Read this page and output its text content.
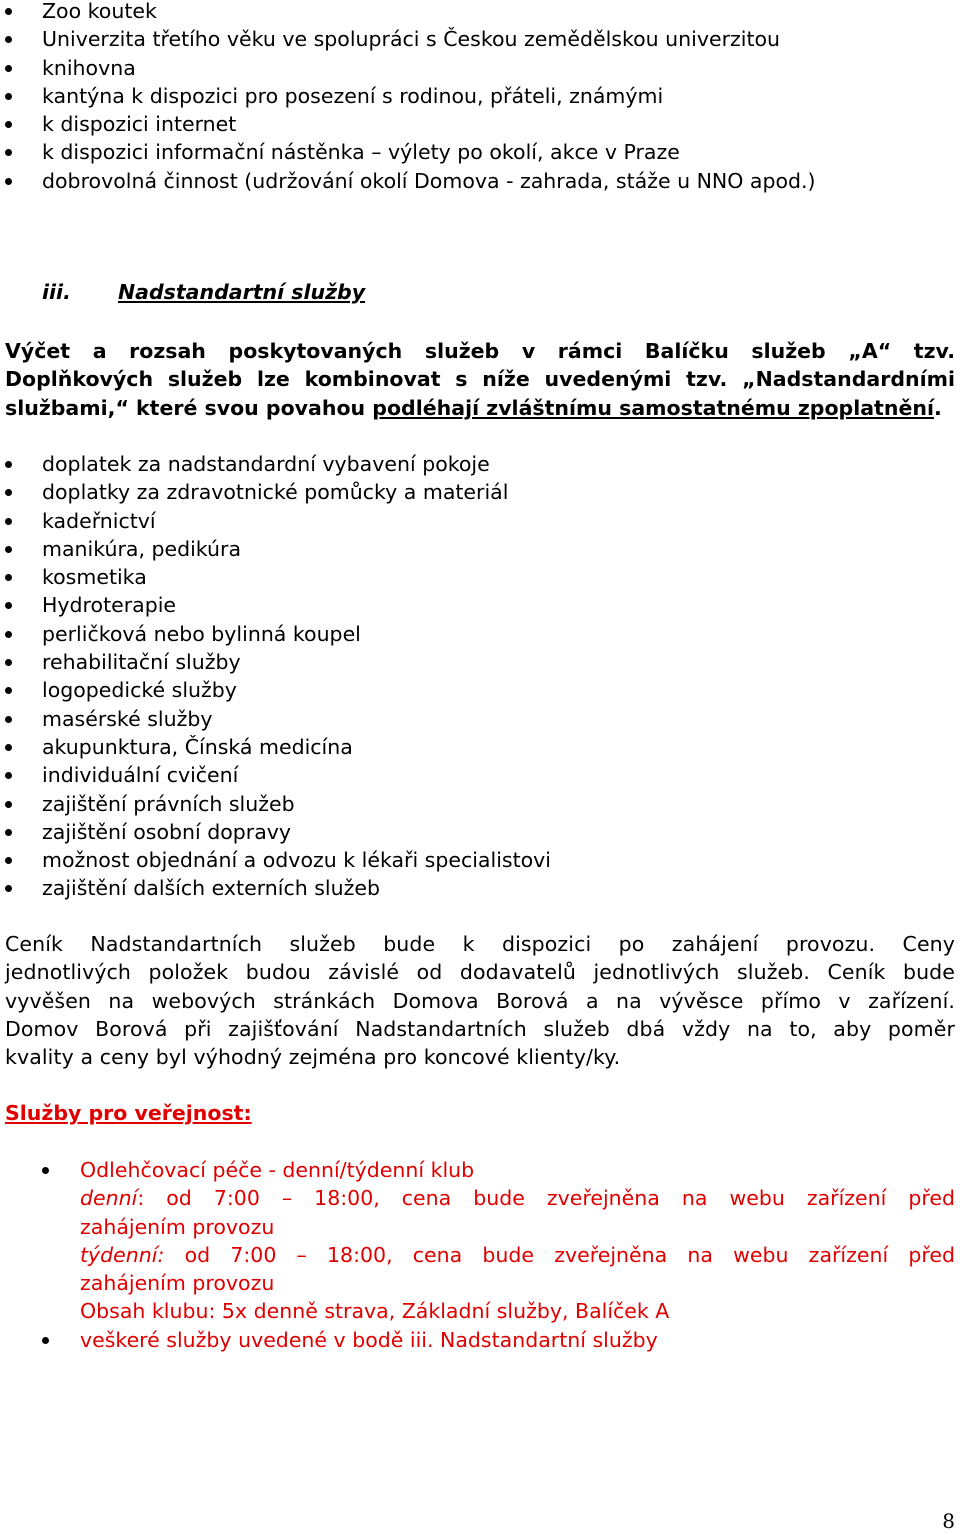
Zoo koutek
Univerzita třetího věku ve spolupráci s Českou zemědělskou univerzitou
knihovna
kantýna k dispozici pro posezení s rodinou, přáteli, známými
k dispozici internet
k dispozici informační nástěnka – výlety po okolí, akce v Praze
dobrovolná činnost (udržování okolí Domova - zahrada, stáže u NNO apod.)
iii. Nadstandartní služby
Výčet a rozsah poskytovaných služeb v rámci Balíčku služeb „A“ tzv. Doplňkových služeb lze kombinovat s níže uvedenými tzv. „Nadstandardními službami,“ které svou povahou podléhají zvláštnímu samostatnému zpoplatnění.
doplatek za nadstandardní vybavení pokoje
doplatky za zdravotnické pomůcky a materiál
kadeřnictví
manikúra, pedikúra
kosmetika
Hydroterapie
perličková nebo bylinná koupel
rehabilitační služby
logopedické služby
masérské služby
akupunktura, Čínská medicína
individuální cvičení
zajištění právních služeb
zajištění osobní dopravy
možnost objednání a odvozu k lékaři specialistovi
zajištění dalších externích služeb
Ceník Nadstandartních služeb bude k dispozici po zahájení provozu. Ceny
jednotlivých položek budou závislé od dodavatelů jednotlivých služeb. Ceník bude
vyvěšen na webových stránkách Domova Borová a na vývěsce přímo v zařízení.
Domov Borová při zajišťování Nadstandartních služeb dbá vždy na to, aby poměr
kvality a ceny byl výhodný zejména pro koncové klienty/ky.
Služby pro veřejnost:
Odlehčovací péče - denní/týdenní klub
denní: od 7:00 – 18:00, cena bude zveřejněna na webu zařízení před
zahájením provozu
týdenní: od 7:00 – 18:00, cena bude zveřejněna na webu zařízení před
zahájením provozu
Obsah klubu: 5x denně strava, Základní služby, Balíček A
veškeré služby uvedené v bodě iii. Nadstandartní služby
8
